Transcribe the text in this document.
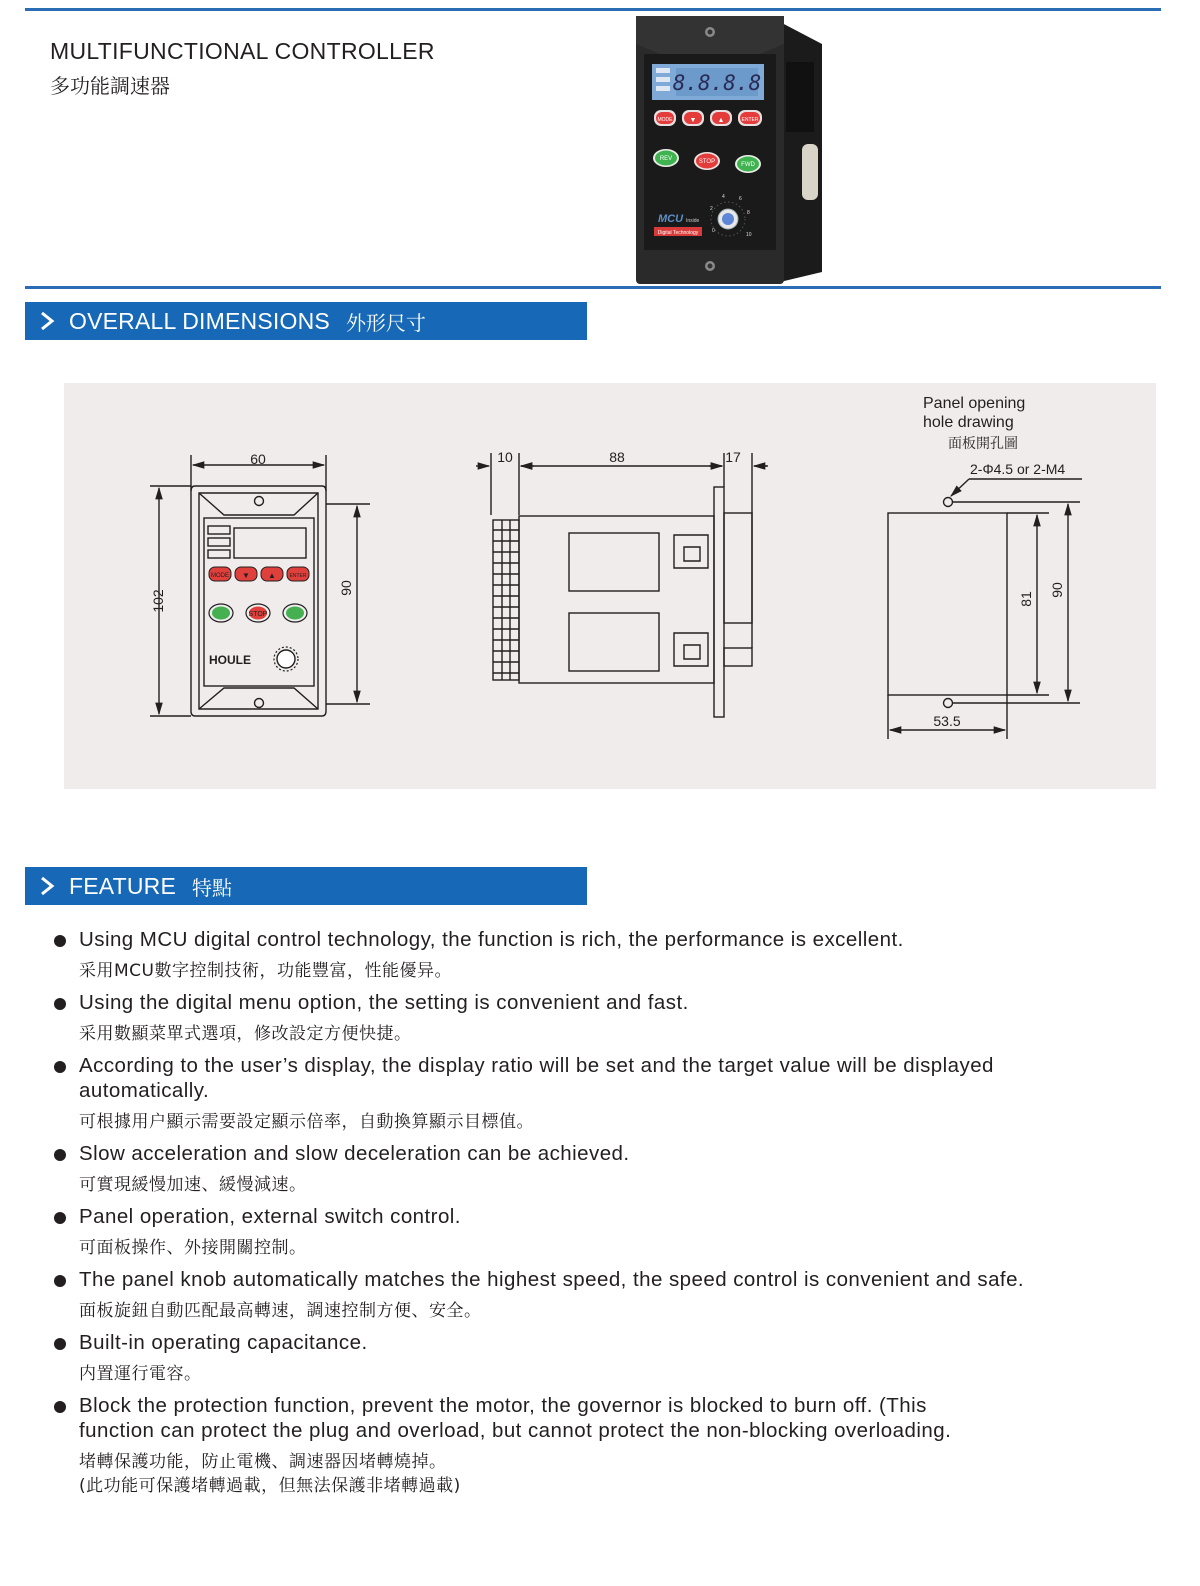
MULTIFUNCTIONAL CONTROLLER
多功能調速器	8.8.8.8
MODE ▼	▲	ENTER
REV	STOP	FWD
MCU Inside
Digital Technology	0
2
4	6
8
10
OVERALL DIMENSIONS 外形尺寸
MODE ▼ ▲	ENTER
STOP
HOULE
60
102
90
10	88	17
Panel opening
hole drawing
面板開孔圖
2-Φ4.5 or 2-M4
53.5
81
90
FEATURE 特點
Using MCU digital control technology, the function is rich, the performance is excellent.
采用MCU數字控制技術，功能豐富，性能優异。
Using the digital menu option, the setting is convenient and fast.
采用數顯菜單式選項，修改設定方便快捷。
According to the user’s display, the display ratio will be set and the target value will be displayed automatically.
可根據用户顯示需要設定顯示倍率，自動換算顯示目標值。
Slow acceleration and slow deceleration can be achieved.
可實現緩慢加速、緩慢減速。
Panel operation, external switch control.
可面板操作、外接開關控制。
The panel knob automatically matches the highest speed, the speed control is convenient and safe.
面板旋鈕自動匹配最高轉速，調速控制方便、安全。
Built-in operating capacitance.
内置運行電容。
Block the protection function, prevent the motor, the governor is blocked to burn off. (This function can protect the plug and overload, but cannot protect the non-blocking overloading.
堵轉保護功能，防止電機、調速器因堵轉燒掉。
(此功能可保護堵轉過載，但無法保護非堵轉過載)
